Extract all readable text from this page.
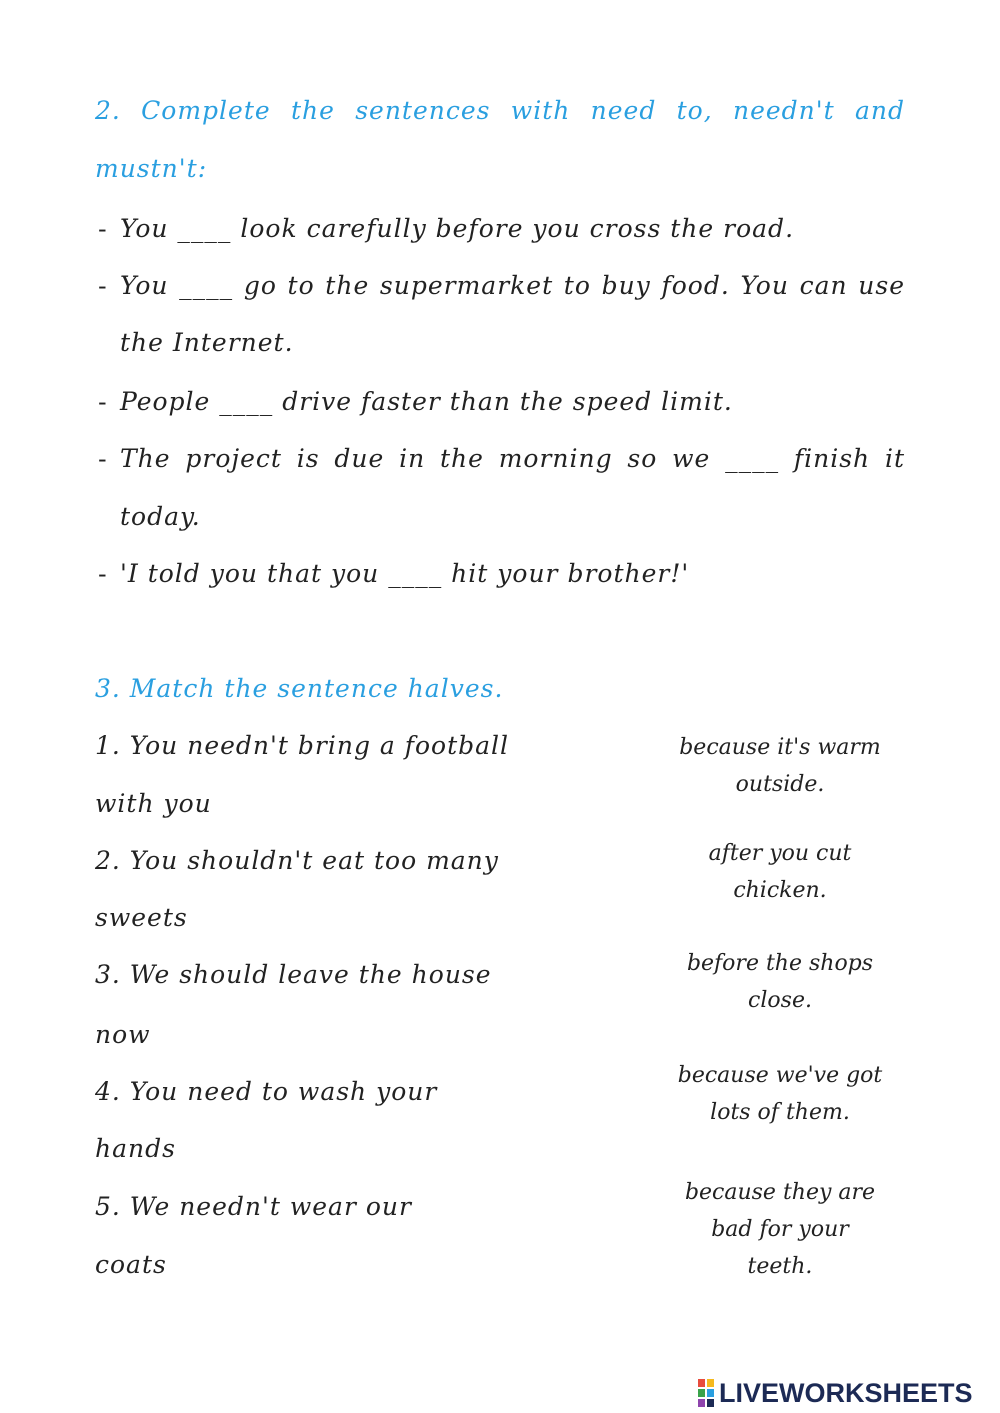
2. Complete the sentences with need to, needn't and
mustn't:
- You ____ look carefully before you cross the road.
- You ____ go to the supermarket to buy food. You can use
the Internet.
- People ____ drive faster than the speed limit.
- The project is due in the morning so we ____ finish it
today.
- 'I told you that you ____ hit your brother!'
3. Match the sentence halves.
1. You needn't bring a football
with you
2. You shouldn't eat too many
sweets
3. We should leave the house
now
4. You need to wash your
hands
5. We needn't wear our
coats
because it's warm
outside.
after you cut
chicken.
before the shops
close.
because we've got
lots of them.
because they are
bad for your
teeth.
LIVEWORKSHEETS
